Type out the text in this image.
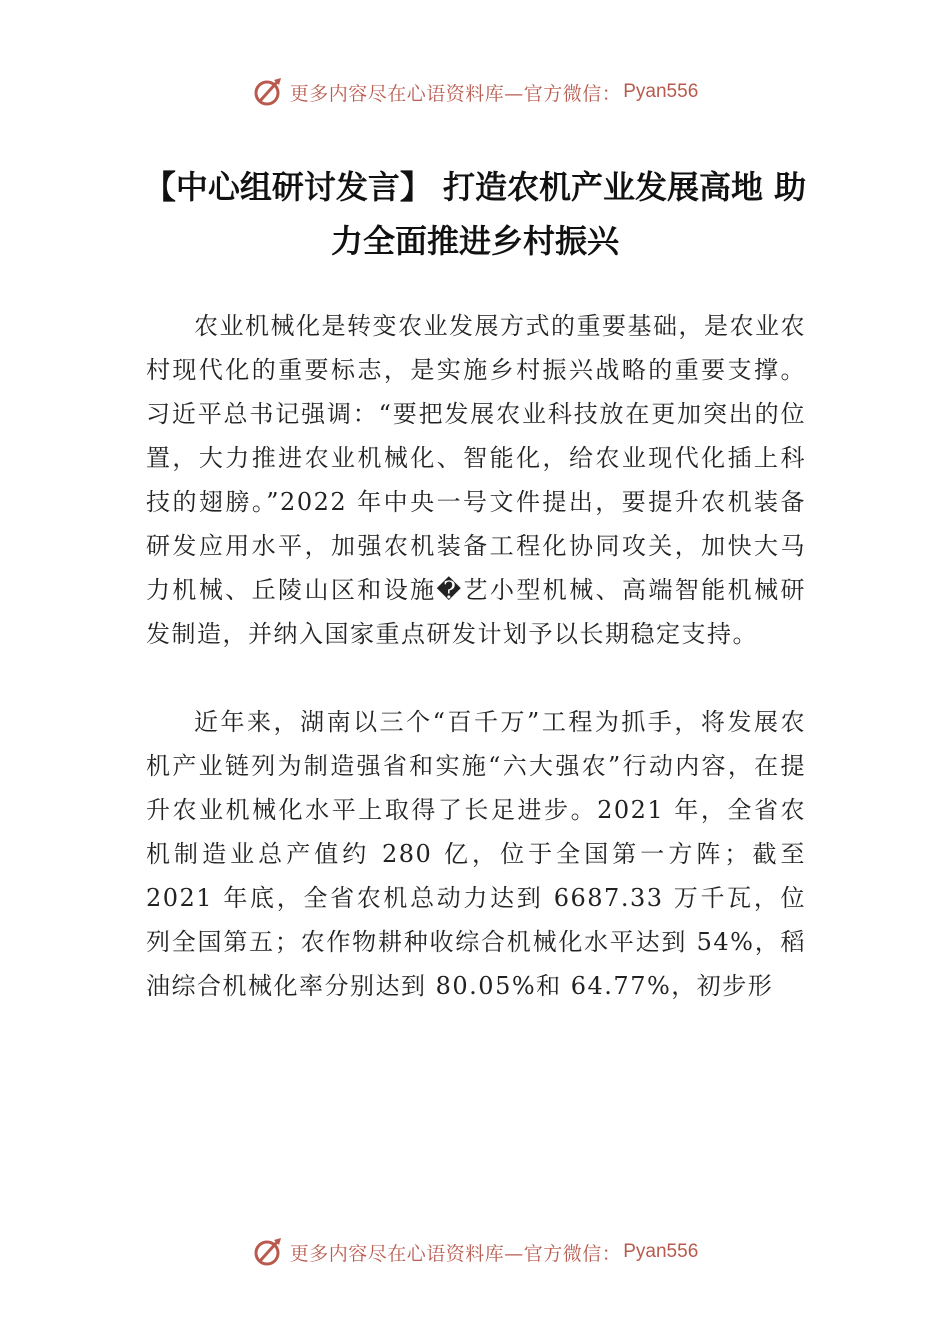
更多内容尽在心语资料库—官方微信： Pyan556
【中心组研讨发言】 打造农机产业发展高地 助力全面推进乡村振兴

农业机械化是转变农业发展方式的重要基础，是农业农村现代化的重要标志，是实施乡村振兴战略的重要支撑。习近平总书记强调：“要把发展农业科技放在更加突出的位置，大力推进农业机械化、智能化，给农业现代化插上科技的翅膀。”2022 年中央一号文件提出，要提升农机装备研发应用水平，加强农机装备工程化协同攻关，加快大马力机械、丘陵山区和设施�艺小型机械、高端智能机械研发制造，并纳入国家重点研发计划予以长期稳定支持。

近年来，湖南以三个“百千万”工程为抓手，将发展农机产业链列为制造强省和实施“六大强农”行动内容，在提升农业机械化水平上取得了长足进步。2021 年，全省农机制造业总产值约 280 亿，位于全国第一方阵；截至 2021 年底，全省农机总动力达到 6687.33 万千瓦，位列全国第五；农作物耕种收综合机械化水平达到 54%，稻油综合机械化率分别达到 80.05%和 64.77%，初步形

更多内容尽在心语资料库—官方微信： Pyan556
